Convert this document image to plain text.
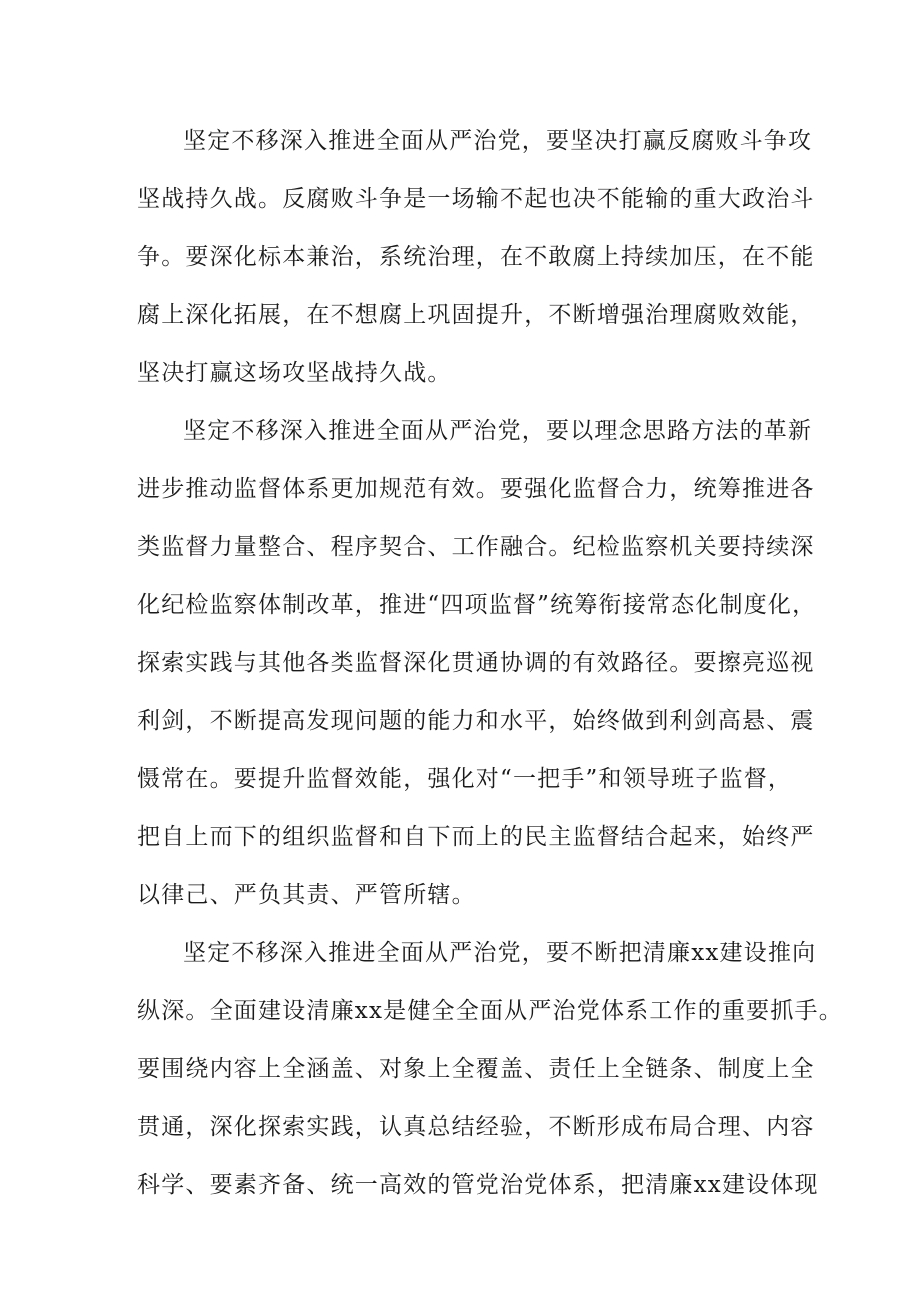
坚定不移深入推进全面从严治党，要坚决打赢反腐败斗争攻
坚战持久战。反腐败斗争是一场输不起也决不能输的重大政治斗
争。要深化标本兼治，系统治理，在不敢腐上持续加压，在不能
腐上深化拓展，在不想腐上巩固提升，不断增强治理腐败效能，
坚决打赢这场攻坚战持久战。
坚定不移深入推进全面从严治党，要以理念思路方法的革新
进步推动监督体系更加规范有效。要强化监督合力，统筹推进各
类监督力量整合、程序契合、工作融合。纪检监察机关要持续深
化纪检监察体制改革，推进“四项监督”统筹衔接常态化制度化，
探索实践与其他各类监督深化贯通协调的有效路径。要擦亮巡视
利剑，不断提高发现问题的能力和水平，始终做到利剑高悬、震
慑常在。要提升监督效能，强化对“一把手”和领导班子监督，
把自上而下的组织监督和自下而上的民主监督结合起来，始终严
以律己、严负其责、严管所辖。
坚定不移深入推进全面从严治党，要不断把清廉xx建设推向
纵深。全面建设清廉xx是健全全面从严治党体系工作的重要抓手。
要围绕内容上全涵盖、对象上全覆盖、责任上全链条、制度上全
贯通，深化探索实践，认真总结经验，不断形成布局合理、内容
科学、要素齐备、统一高效的管党治党体系，把清廉xx建设体现
